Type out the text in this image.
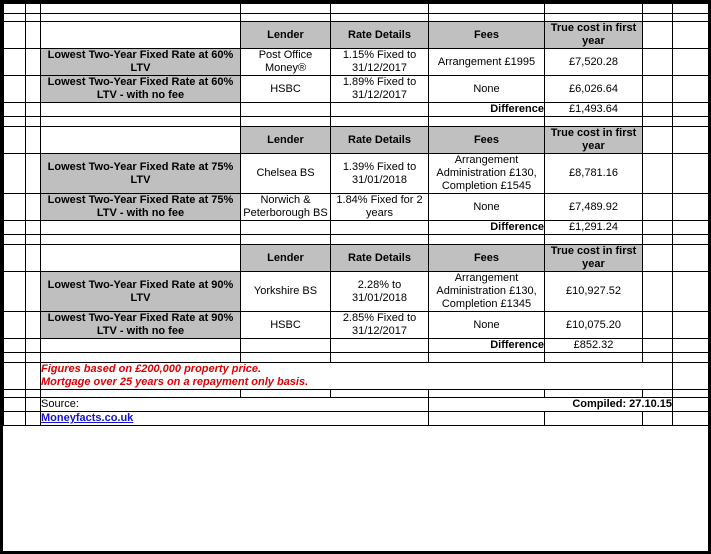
			Lender	Rate Details	Fees	True cost in first year		
		Lowest Two-Year Fixed Rate at 60% LTV	Post Office Money®	1.15% Fixed to 31/12/2017	Arrangement £1995	£7,520.28		
		Lowest Two-Year Fixed Rate at 60% LTV - with no fee	HSBC	1.89% Fixed to 31/12/2017	None	£6,026.64		
					Difference	£1,493.64		

			Lender	Rate Details	Fees	True cost in first year		
		Lowest Two-Year Fixed Rate at 75% LTV	Chelsea BS	1.39% Fixed to 31/01/2018	Arrangement Administration £130, Completion £1545	£8,781.16		
		Lowest Two-Year Fixed Rate at 75% LTV - with no fee	Norwich & Peterborough BS	1.84% Fixed for 2 years	None	£7,489.92		
					Difference	£1,291.24		

			Lender	Rate Details	Fees	True cost in first year		
		Lowest Two-Year Fixed Rate at 90% LTV	Yorkshire BS	2.28% to 31/01/2018	Arrangement Administration £130, Completion £1345	£10,927.52		
		Lowest Two-Year Fixed Rate at 90% LTV - with no fee	HSBC	2.85% Fixed to 31/12/2017	None	£10,075.20		
					Difference	£852.32		

		Figures based on £200,000 property price.
Mortgage over 25 years on a repayment only basis.						

		Source:			Compiled: 27.10.15			
		Moneyfacts.co.uk						
